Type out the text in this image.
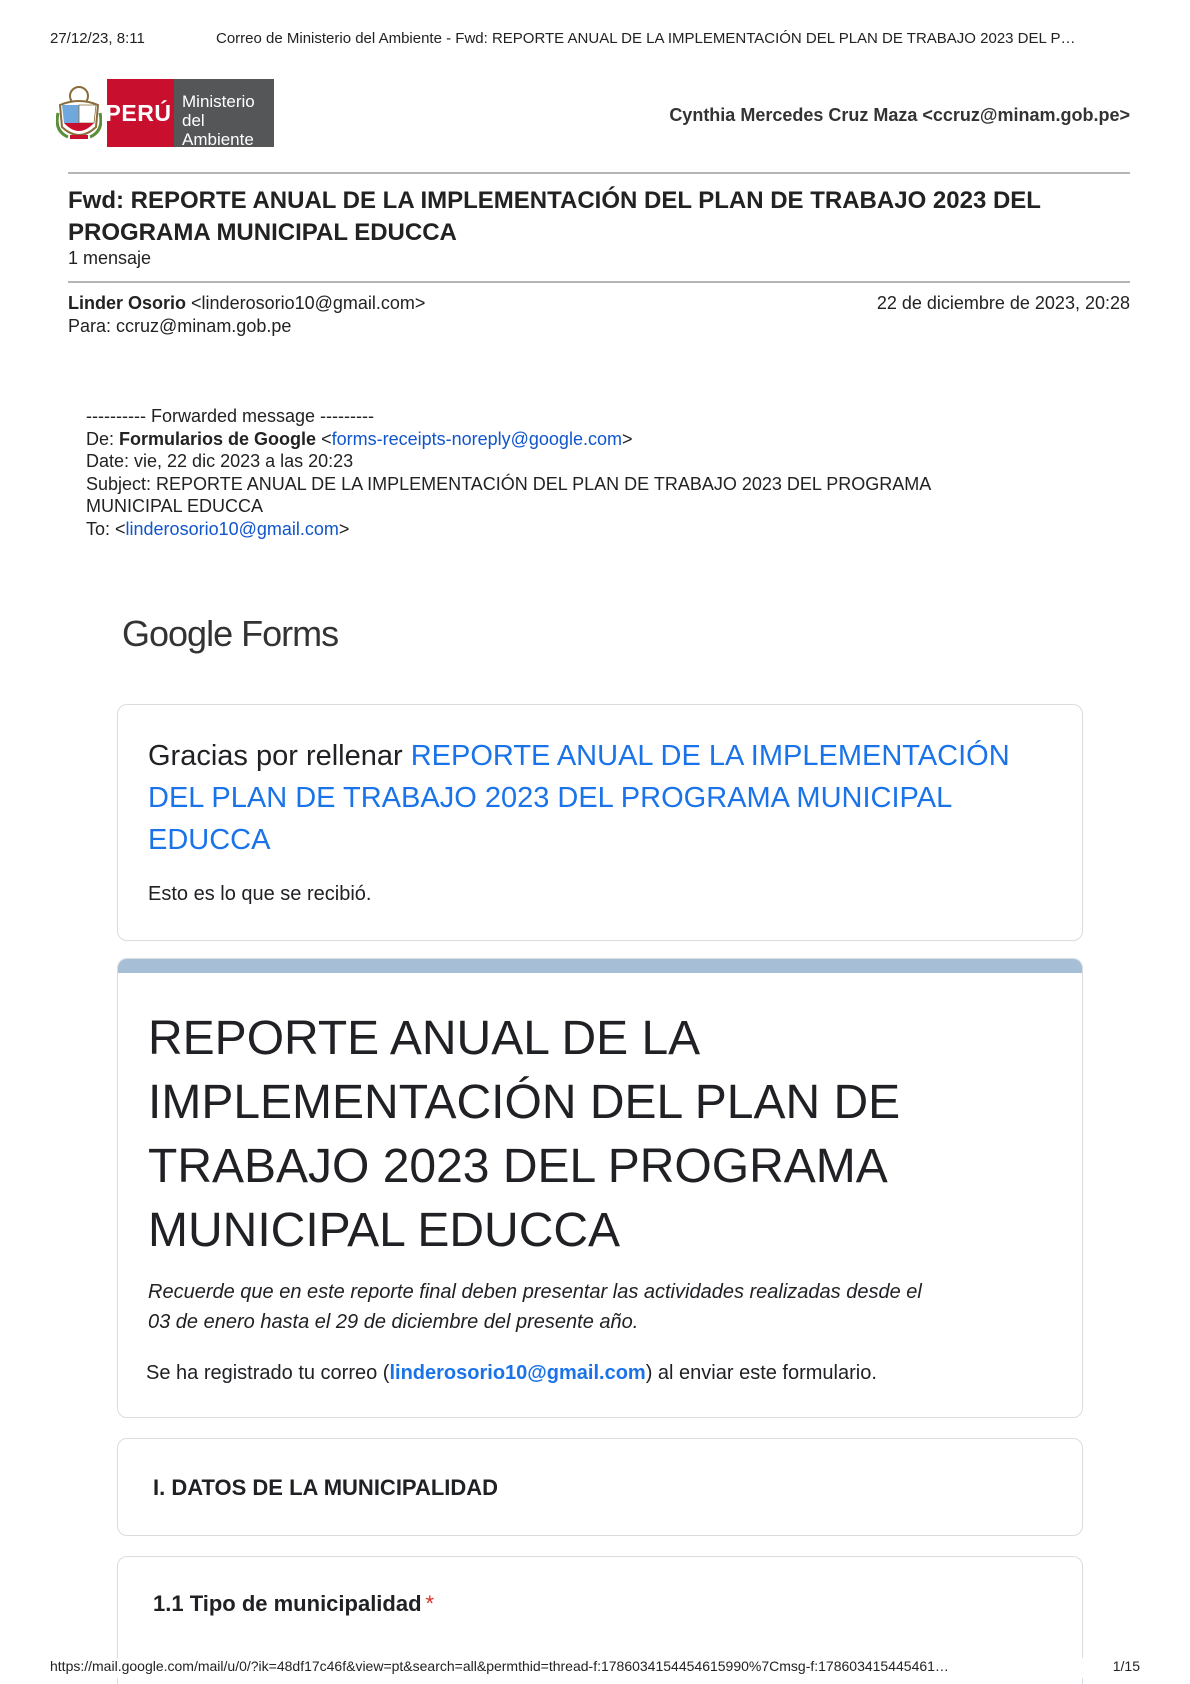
27/12/23, 8:11	Correo de Ministerio del Ambiente - Fwd: REPORTE ANUAL DE LA IMPLEMENTACIÓN DEL PLAN DE TRABAJO 2023 DEL P…
PERÚ Ministerio
del Ambiente
Cynthia Mercedes Cruz Maza <ccruz@minam.gob.pe>
Fwd: REPORTE ANUAL DE LA IMPLEMENTACIÓN DEL PLAN DE TRABAJO 2023 DEL PROGRAMA MUNICIPAL EDUCCA
1 mensaje
Linder Osorio <linderosorio10@gmail.com>	22 de diciembre de 2023, 20:28
Para: ccruz@minam.gob.pe
---------- Forwarded message ---------
De: Formularios de Google <forms-receipts-noreply@google.com>
Date: vie, 22 dic 2023 a las 20:23
Subject: REPORTE ANUAL DE LA IMPLEMENTACIÓN DEL PLAN DE TRABAJO 2023 DEL PROGRAMA MUNICIPAL EDUCCA
To: <linderosorio10@gmail.com>
Google Forms
Gracias por rellenar REPORTE ANUAL DE LA IMPLEMENTACIÓN DEL PLAN DE TRABAJO 2023 DEL PROGRAMA MUNICIPAL EDUCCA
Esto es lo que se recibió.
REPORTE ANUAL DE LA IMPLEMENTACIÓN DEL PLAN DE TRABAJO 2023 DEL PROGRAMA MUNICIPAL EDUCCA
Recuerde que en este reporte final deben presentar las actividades realizadas desde el 03 de enero hasta el 29 de diciembre del presente año.
Se ha registrado tu correo (linderosorio10@gmail.com) al enviar este formulario.
I. DATOS DE LA MUNICIPALIDAD
1.1 Tipo de municipalidad *
https://mail.google.com/mail/u/0/?ik=48df17c46f&view=pt&search=all&permthid=thread-f:1786034154454615990%7Cmsg-f:178603415445461…	1/15
